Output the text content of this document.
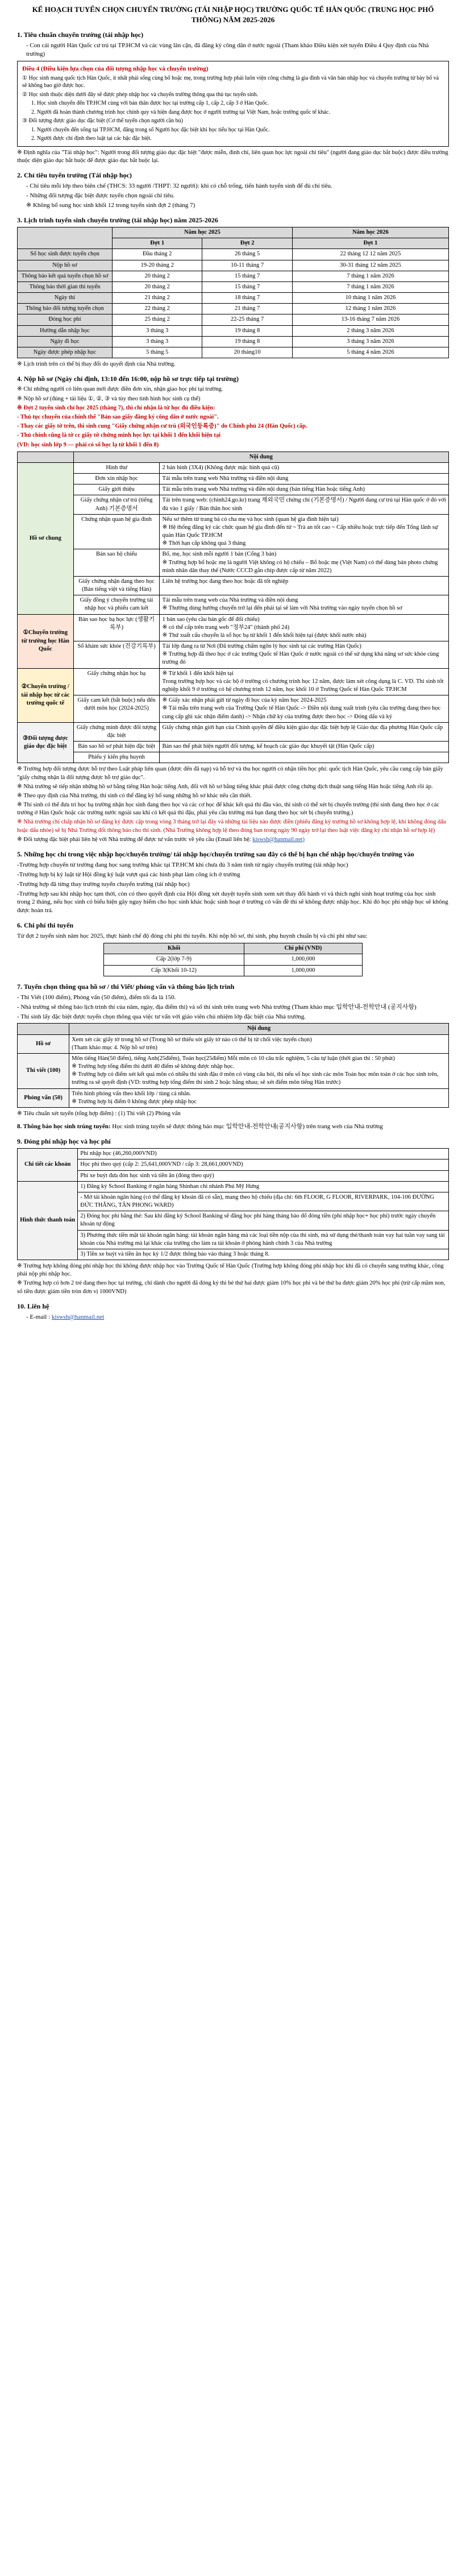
KẾ HOẠCH TUYỂN CHỌN CHUYỂN TRƯỜNG (TÁI NHẬP HỌC) TRƯỜNG QUỐC TẾ HÀN QUỐC (TRUNG HỌC PHỔ THÔNG) NĂM 2025-2026
1. Tiêu chuẩn chuyển trường (tái nhập học)

- Con cái người Hàn Quốc cư trú tại TP.HCM và các vùng lân cận, đã đăng ký công dân ở nước ngoài (Tham khảo Điều kiện xét tuyển Điều 4 Quy định của Nhà trường)

Điều 4 (Điều kiện lựa chọn của đối tượng nhập học và chuyển trường)

① Học sinh mang quốc tịch Hàn Quốc, ít nhất phải sống cùng bố hoặc mẹ, trong trường hợp phải luôn viện công chứng là gia đình và văn bản nhập học và chuyển trường từ bày bố và sẽ không bao giờ được học.

② Học sinh thuộc diện dưới đây sẽ được phép nhập học và chuyển trường thông qua thủ tục tuyển sinh.

1. Học sinh chuyển đến TP.HCM cùng với bản thân được học tại trường cấp 1, cấp 2, cấp 3 ở Hàn Quốc.

2. Người đã hoàn thành chương trình học chính quy và hiện đang được học ở người trường tại Việt Nam, hoặc trường quốc tế khác.

③ Đối tượng được giáo dục đặc biệt (Cơ thể tuyển chọn người cần bù)

1. Người chuyển đến sống tại TP.HCM, đăng trong số Người học đặc biệt khi học tiểu học tại Hàn Quốc.

2. Người được chỉ định theo luật tại các bậc đặc biệt.

※ Định nghĩa của "Tái nhập học": Người trong đối tượng giáo dục đặc biệt "được miễn, đình chỉ, liên quan học lực ngoài chỉ tiêu" (người đang giáo dục bắt buộc) được điều trường thuộc diện giáo dục bắt buộc để được giáo dục bắt buộc lại.

2. Chỉ tiêu tuyển trường (Tái nhập học)

- Chỉ tiêu mỗi lớp theo biên chế (THCS: 33 người /THPT: 32 người): khi có chỗ trống, tiến hành tuyển sinh để đủ chỉ tiêu.

- Những đối tượng đặc biệt được tuyển chọn ngoài chỉ tiêu.

※ Không bổ sung học sinh khối 12 trong tuyển sinh đợt 2 (tháng 7)

3. Lịch trình tuyển sinh chuyển trường (tái nhập học) năm 2025-2026
	Năm học 2025		Năm học 2026
	Đợt 1	Đợt 2	Đợt 1
Số học sinh được tuyển chọn	Đầu tháng 2	26 tháng 5	22 tháng 12 12 năm 2025
Nộp hồ sơ	19-20 tháng 2	10-11 tháng 7	30-31 tháng 12 năm 2025
Thông báo kết quả tuyển chọn hồ sơ	20 tháng 2	15 tháng 7	7 tháng 1 năm 2026
Thông báo thời gian thi tuyển	20 tháng 2	15 tháng 7	7 tháng 1 năm 2026
Ngày thi	21 tháng 2	18 tháng 7	10 tháng 1 năm 2026
Thông báo đối tượng tuyển chọn	22 tháng 2	21 tháng 7	12 tháng 1 năm 2026
Đóng học phí	25 tháng 2	22-25 tháng 7	13-16 tháng 7 năm 2026
Hướng dẫn nhập học	3 tháng 3	19 tháng 8	2 tháng 3 năm 2026
Ngày đi học	3 tháng 3	19 tháng 8	3 tháng 3 năm 2026
Ngày được phép nhập học	5 tháng 5	20 tháng10	5 tháng 4 năm 2026

※ Lịch trình trên có thể bị thay đổi do quyết định của Nhà trường.

4. Nộp hồ sơ (Ngày chỉ định, 13:10 đến 16:00, nộp hồ sơ trực tiếp tại trường)

※ Chỉ những người có liên quan mới được điền đơn xin, nhận giao học phí tại trường.

※ Nộp hồ sơ (đúng + tài liệu ①, ②, ③ và tùy theo tình hình học sinh cụ thể)

※ Đợt 2 tuyển sinh chỉ học 2025 (tháng 7), thì chỉ nhận là từ học đủ điều kiện:

- Thủ tục chuyển của chính thể "Bản sao giấy đăng ký công dân ở nước ngoài".

- Thay các giấy tờ trên, thì sinh cung "Giấy chứng nhận cư trú (외국인등록증)" do Chính phủ 24 (Hàn Quốc) cấp.

- Thủ chính cũng là tờ cc giấy tờ chứng minh học lực tại khối 1 đến khối hiện tại

(VD: học sinh lớp 9 — phải có sổ học lạ từ khối 1 đến 8)

	Nội dung	
Hồ sơ chung	Hình thư	2 bản hình (3X4) (Không được mặc hình quá cũ)
	Đơn xin nhập học	Tải mẫu trên trang web Nhà trường và điền nội dung
	Giấy giới thiệu	Tải mẫu trên trang web Nhà trường và điền nội dung (bản tiếng Hàn hoặc tiếng Anh)
	Giấy chứng nhận cư trú (tiếng Anh) 기본증명서	Tải trên trang web: (chinh24.go.kr) trang 재외국민 chứng chỉ (기본증명서) / Người đang cư trú tại Hàn quốc ở đó với đủ vào 1 giấy / Bản thân hoc sinh
	Chứng nhận quan hệ gia đình	Nếu sơ thêm từ trang bà có cha mẹ và học sinh (quan hệ gia đình hiện tại)
※ Hệ thống đăng ký các chức quan hệ gia đình đến từ ~ Trà an tốt cao ~ Cấp nhiều hoặc trực tiếp đến Tổng lãnh sự quán Hàn Quốc TP.HCM
※ Thời hạn cấp không quá 3 tháng
	Bản sao hộ chiếu	Bố, mẹ, học sinh mỗi người 1 bản (Cổng 3 bản)
※ Trường hợp bố hoặc mẹ là người Việt không có hộ chiếu – Bổ hoặc mẹ (Việt Nam) có thể dùng bản photo chứng minh nhân dân thay thế (Nước CCCD gắn chip được cấp từ năm 2022)
	Giấy chứng nhận đang theo học (Bản tiếng việt và tiếng Hàn)	Liên hệ trường học đang theo học hoặc đã tốt nghiệp
	Giấy đồng ý chuyển trường tái nhập học và phiếu cam kết	Tải mẫu trên trang web của Nhà trường và điền nội dung
※ Thường dùng hướng chuyển trở lại đến phải tại sẽ làm với Nhà trường vào ngày tuyển chọn hồ sơ
①Chuyển trường từ trường học Hàn Quốc	Bản sao học bạ học lực (생활기록부)	1 bản sao (yêu cầu bản gốc để đối chiếu)
※ có thể cấp trên trang web "정부24" (thành phố 24)
※ Thứ xuất cấu chuyển là sổ học bạ từ khối 1 đến khối hiện tại (được khối nước nhà)
	Sổ khám sức khỏe (건강기록부)	Tải lớp đang ra từ Nơi (Đã trường chấm ngôn lý học sinh tại các trường Hàn Quốc)
※ Trường hợp đã theo học ở các trường Quốc tế Hàn Quốc ở nước ngoài có thể sử dụng khả năng sơ sức khỏe cùng trường đó
②Chuyển trường / tái nhập học từ các trường quốc tế	Giấy chứng nhận học bạ	※ Từ khối 1 đến khối hiện tại
Trong trường hợp học và các bộ ở trường có chương trình học 12 năm, được làm xét công dụng là C. VD. Thi sinh tốt nghiệp khối 9 ở trường có hệ chương trình 12 năm, học khối 10 ở Trường Quốc tế Hàn Quốc TP.HCM
	Giấy cam kết (bắt buộc) nếu đến dưới môn học (2024-2025)	※ Giấy xác nhận phải gửi từ ngày đi học của kỳ năm học 2024-2025
※ Tải mẫu trên trang web của Trường Quốc tế Hàn Quốc -> Điền nội dung xuất trình (yêu cầu trường đang theo học cung cấp ghi xác nhận điểm danh) -> Nhận chữ ký của trường được theo học -> Đóng dấu và ký
③Đối tượng được giáo dục đặc biệt	Giấy chứng minh được đối tượng đặc biệt	Giấy chứng nhận giới hạn của Chính quyền để điều kiện giáo dục đặc biệt hợp lệ Giáo dục địa phương Hàn Quốc cấp
	Bản sao hồ sơ phát hiện đặc biệt	Bản sao thể phát hiện người đối tượng, kế hoạch các giáo dục khuyết tật (Hàn Quốc cấp)
	Phiếu ý kiến phụ huynh	

※ Trường hợp đối tượng được hỗ trợ theo Luật pháp liên quan (được đến đã nạp) và hỗ trợ và thu học người có nhận tiền học phí: quốc tịch Hàn Quốc, yêu cầu cung cấp bản giấy "giấy chứng nhận là đối tượng được hỗ trợ giáo dục".

※ Nhà trường sẽ tiếp nhận những hồ sơ bằng tiếng Hàn hoặc tiếng Anh, đối với hồ sơ bằng tiếng khác phải được công chứng dịch thuật sang tiếng Hàn hoặc tiếng Anh rồi áp.

※ Theo quy định của Nhà trường, thí sinh có thể đăng ký bổ sung những hồ sơ khác nếu cần thiết.

※ Thí sinh có thể đưa trì học bạ trường nhận học sinh đang theo học và các cơ học để khác kết quả thi đầu vào, thí sinh có thể xét bị chuyển trường (thí sinh đang theo học ở các trường ở Hàn Quốc hoặc các trường nước ngoài sau khi có kết quả thi đậu, phải yêu cầu trường mà bạn đang theo học xét bị chuyển trường.)

※ Nhà trường chỉ chấp nhận hồ sơ đăng ký được cập trong vòng 3 tháng trở lại đây và những tài liệu nào được điền (phiếu đăng ký trường hồ sơ không hợp lệ, khi không đóng dấu hoặc dấu nhòe) sẽ bị Nhà Trường đổi thông báo cho thí sinh. (Nhà Trường không hợp lệ theo đóng ban trong ngày 90 ngày trở lại theo luật việc đăng ký chỉ nhận hồ sơ hợp lệ)

※ Đối tượng đặc biệt phải liên hệ với Nhà trường để được tư vấn trước về yêu cầu (Email liên hệ: kiswsh@hanmail.net)

5. Những học chỉ trong việc nhập học/chuyển trường/ tái nhập học/chuyển trường sau đây có thể bị hạn chế nhập học/chuyển trường vào

-Trường hợp chuyển từ trường đang học sang trường khác tại TP.HCM khi chưa đủ 3 năm tính từ ngày chuyển trường (tái nhập học)

-Trường hợp bị kỷ luật từ Hội đồng kỷ luật vượt quá các hình phạt làm công ích ở trường

-Trường hợp đã từng thay trường tuyển chuyển trường (tái nhập học)

-Trường hợp sau khi nhập học tạm thời, còn có theo quyết định của Hội đồng xét duyệt tuyển sinh xem xét thay đổi hành vi và thích nghi sinh hoạt trường của học sinh trong 2 tháng, nếu học sinh có biểu hiện gây nguy hiểm cho học sinh khác hoặc sinh hoạt ở trường có vấn đề thì sẽ không được nhập học. Khi đó học phí nhập học sẽ không được hoàn trả.

6. Chi phí thi tuyển

Từ đợt 2 tuyển sinh năm học 2025, thực hành chế độ đóng chi phí thi tuyển. Khi nộp hồ sơ, thí sinh, phụ huynh chuẩn bị và chi phí như sau:

Khối	Chi phí (VND)
Cấp 2(lớp 7-9)	1,000,000
Cấp 3(Khối 10-12)	1,000,000
7. Tuyển chọn thông qua hồ sơ / thi Viết/ phỏng vấn và thông báo lịch trình

- Thi Viết (100 điểm), Phỏng vấn (50 điểm), điểm tối đa là 150.

- Nhà trường sẽ thông báo lịch trình thi của năm, ngày, địa điểm thi) và số thí sinh trên trang web Nhà trường (Tham khảo mục 입학안내-전학안내 (공지사항)

- Thí sinh lấy đặc biệt được tuyển chọn thông qua việc tư vấn với giáo viên chủ nhiệm lớp đặc biệt của Nhà trường.

	Nội dung
Hồ sơ	Xem xét các giấy tờ trong hồ sơ (Trong hồ sơ thiếu sót giấy tờ nào có thể bị từ chối việc tuyển chọn)
(Tham khảo mục 4. Nộp hồ sơ trên)
Thi viết (100)	Môn tiếng Hàn(50 điểm), tiếng Anh(25điểm), Toán học(25điểm) Mỗi môn có 10 câu trắc nghiệm, 5 câu tự luận (thời gian thi : 50 phút)
※ Trường hợp tổng điểm thi dưới 40 điểm sẽ không được nhập học.
※ Trường hợp có điểm xét kết quả môn có nhiều thi sinh đậu ở môn có vùng câu hỏi, thì nếu số học sinh các môn Toán học môn toán ở các học sinh trên, trường ra sẽ quyết định (VD: trường hợp tổng điểm thí sinh 2 hoặc bằng nhau; sẽ xét điểm môn tiếng Hàn trước)
Phỏng vấn (50)	Trên hình phỏng vấn theo khối lớp / tùng cá nhân.
※ Trường hợp bị điểm 0 không được phép nhập học

※ Tiêu chuẩn xét tuyển (tổng hợp điểm) : (1) Thi viết (2) Phỏng vấn

8. Thông báo học sinh trúng tuyển: Học sinh trúng tuyển sẽ được thông báo mục 입학안내-전학안내(공지사항) trên trang web của Nhà trường

9. Đóng phí nhập học và học phí
Chi tiết các khoản	Phí nhập học (46,260,000VND)
	Học phí theo quý (cấp 2: 25,641,000VND / cấp 3: 28,661,000VND)
	Phí xe buýt đưa đón học sinh và tiền ăn (đóng theo quý)
Hình thức thanh toán	1) Đăng ký School Banking ở ngân hàng Shinhan chi nhánh Phú Mỹ Hưng
	- Mở tài khoản ngân hàng (có thể đăng ký khoản đã có sẵn), mang theo hộ chiếu (địa chỉ: 6th FLOOR, G FLOOR, RIVERPARK, 104-106 ĐƯỜNG ĐỨC THẮNG, TÂN PHONG WARD)
	2) Đóng học phí bằng thẻ: Sau khi đăng ký School Banking sẽ đăng học phí hàng tháng bào đổ đóng tiền (phí nhập học+ học phí) trước ngày chuyển khoản tự động
	3) Phương thức tiền mặt tài khoản ngân hàng: tài khoản ngân hàng mà các loại tiền nộp của thì sinh, mà sử dụng thẻ/thanh toán vay hai tuần vay sang tài khoản của Nhà trường mà lại khác của trường cho làm ra tài khoản ở phòng hành chính 3 của Nhà trường
	3) Tiền xe buýt và tiền ăn học kỳ 1/2 được thông báo vào tháng 3 hoặc tháng 8.

※ Trường hợp không đóng phí nhập học thì không được nhập học vào Trường Quốc tế Hàn Quốc (Trường hợp không đóng phí nhập học khi đã có chuyển sang trường khác, công phải nộp phí nhập học.

※ Trường hợp có hơn 2 trẻ đang theo học tại trường, chỉ dành cho người đã đóng ký thì bé thứ hai được giảm 10% học phí và bé thứ ba được giảm 20% học phí (trừ cấp mầm non, số tiền được giảm tiền tròn đơn vị 1000VND)

10. Liên hệ

- E-mail : kiswsh@hanmail.net
